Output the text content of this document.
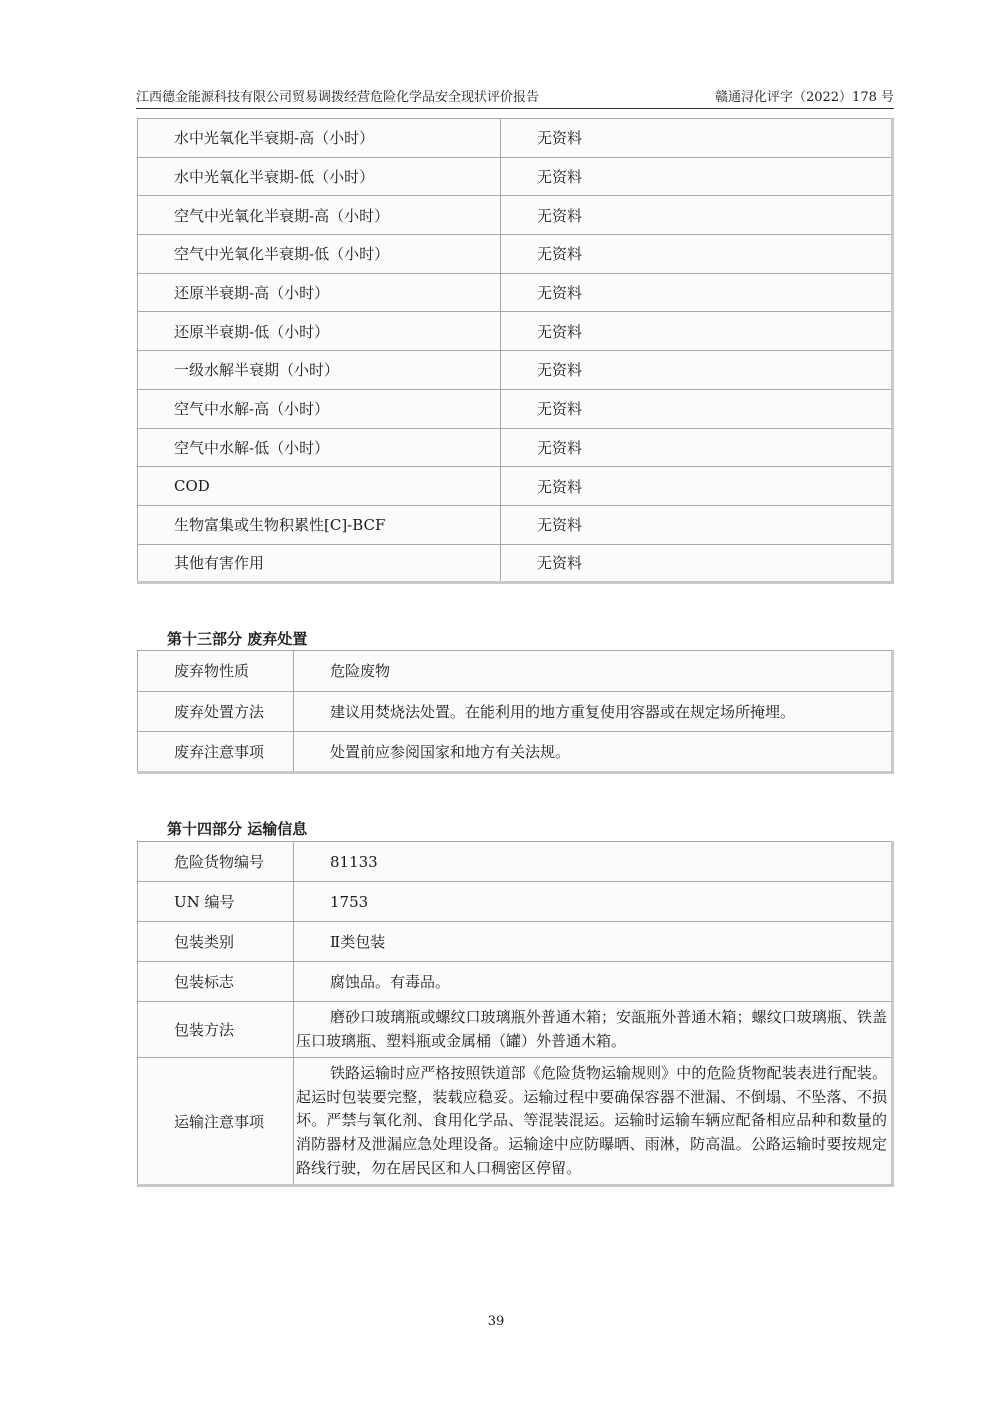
江西德金能源科技有限公司贸易调拨经营危险化学品安全现状评价报告	赣通浔化评字（2022）178 号
水中光氧化半衰期-高（小时）	无资料
水中光氧化半衰期-低（小时）	无资料
空气中光氧化半衰期-高（小时）	无资料
空气中光氧化半衰期-低（小时）	无资料
还原半衰期-高（小时）	无资料
还原半衰期-低（小时）	无资料
一级水解半衰期（小时）	无资料
空气中水解-高（小时）	无资料
空气中水解-低（小时）	无资料
COD	无资料
生物富集或生物积累性[C]-BCF	无资料
其他有害作用	无资料
第十三部分 废弃处置
废弃物性质	危险废物
废弃处置方法	建议用焚烧法处置。在能利用的地方重复使用容器或在规定场所掩埋。
废弃注意事项	处置前应参阅国家和地方有关法规。
第十四部分 运输信息
危险货物编号	81133
UN 编号	1753
包装类别	Ⅱ类包装
包装标志	腐蚀品。有毒品。
包装方法	磨砂口玻璃瓶或螺纹口玻璃瓶外普通木箱；安瓿瓶外普通木箱；螺纹口玻璃瓶、铁盖压口玻璃瓶、塑料瓶或金属桶（罐）外普通木箱。
运输注意事项	铁路运输时应严格按照铁道部《危险货物运输规则》中的危险货物配装表进行配装。起运时包装要完整，装载应稳妥。运输过程中要确保容器不泄漏、不倒塌、不坠落、不损坏。严禁与氧化剂、食用化学品、等混装混运。运输时运输车辆应配备相应品种和数量的消防器材及泄漏应急处理设备。运输途中应防曝晒、雨淋，防高温。公路运输时要按规定路线行驶，勿在居民区和人口稠密区停留。
39
